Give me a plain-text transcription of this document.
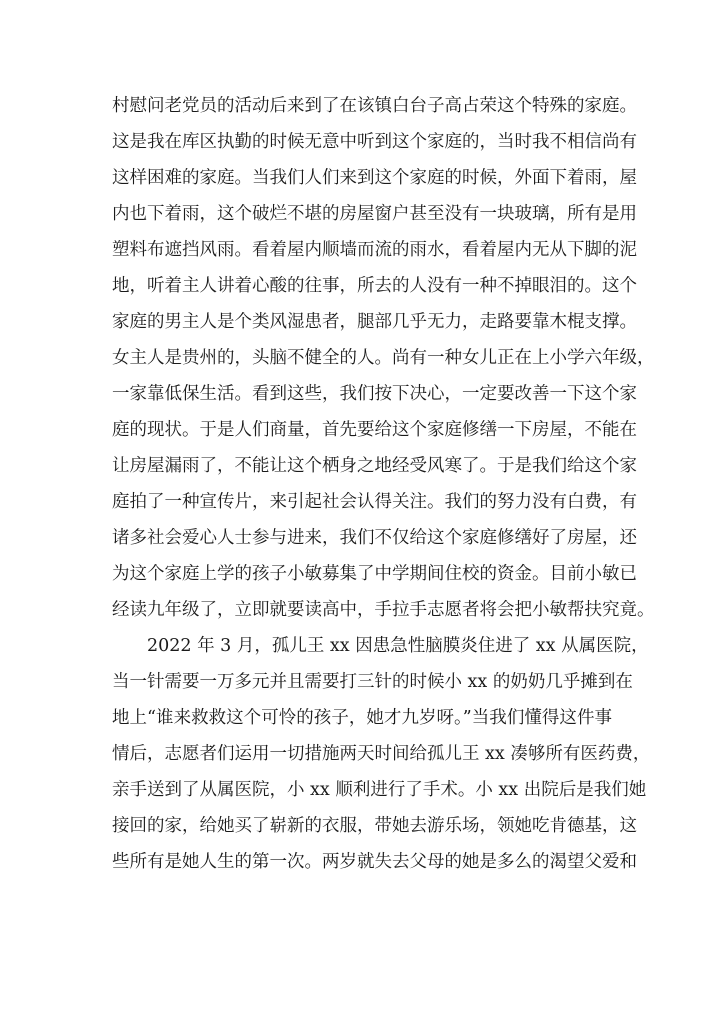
村慰问老党员的活动后来到了在该镇白台子高占荣这个特殊的家庭。
这是我在库区执勤的时候无意中听到这个家庭的，当时我不相信尚有
这样困难的家庭。当我们人们来到这个家庭的时候，外面下着雨，屋
内也下着雨，这个破烂不堪的房屋窗户甚至没有一块玻璃，所有是用
塑料布遮挡风雨。看着屋内顺墙而流的雨水，看着屋内无从下脚的泥
地，听着主人讲着心酸的往事，所去的人没有一种不掉眼泪的。这个
家庭的男主人是个类风湿患者，腿部几乎无力，走路要靠木棍支撑。
女主人是贵州的，头脑不健全的人。尚有一种女儿正在上小学六年级，
一家靠低保生活。看到这些，我们按下决心，一定要改善一下这个家
庭的现状。于是人们商量，首先要给这个家庭修缮一下房屋，不能在
让房屋漏雨了，不能让这个栖身之地经受风寒了。于是我们给这个家
庭拍了一种宣传片，来引起社会认得关注。我们的努力没有白费，有
诸多社会爱心人士参与进来，我们不仅给这个家庭修缮好了房屋，还
为这个家庭上学的孩子小敏募集了中学期间住校的资金。目前小敏已
经读九年级了，立即就要读高中，手拉手志愿者将会把小敏帮扶究竟。
2022 年 3 月，孤儿王 xx 因患急性脑膜炎住进了 xx 从属医院，
当一针需要一万多元并且需要打三针的时候小 xx 的奶奶几乎摊到在
地上“谁来救救这个可怜的孩子，她才九岁呀。”当我们懂得这件事
情后，志愿者们运用一切措施两天时间给孤儿王 xx 凑够所有医药费，
亲手送到了从属医院，小 xx 顺利进行了手术。小 xx 出院后是我们她
接回的家，给她买了崭新的衣服，带她去游乐场，领她吃肯德基，这
些所有是她人生的第一次。两岁就失去父母的她是多么的渴望父爱和
